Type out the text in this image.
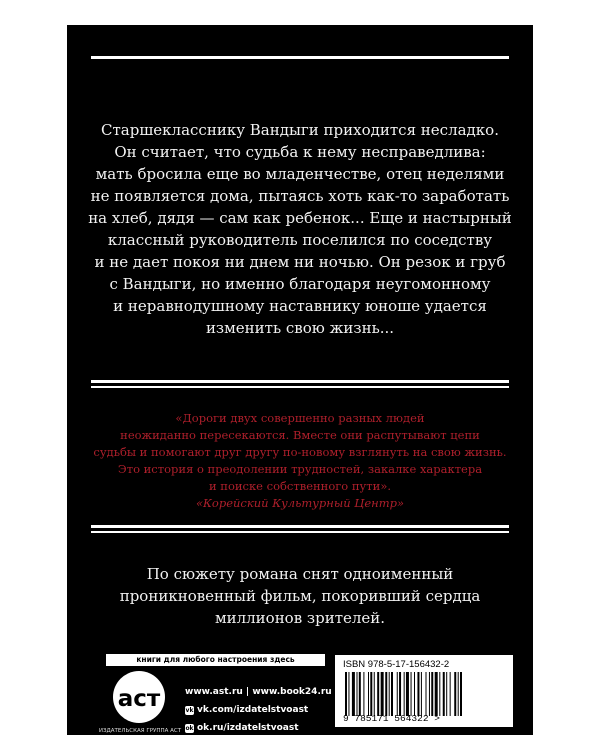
Старшекласснику Вандыги приходится несладко.
Он считает, что судьба к нему несправедлива:
мать бросила еще во младенчестве, отец неделями
не появляется дома, пытаясь хоть как-то заработать
на хлеб, дядя — сам как ребенок... Еще и настырный
классный руководитель поселился по соседству
и не дает покоя ни днем ни ночью. Он резок и груб
с Вандыги, но именно благодаря неугомонному
и неравнодушному наставнику юноше удается
изменить свою жизнь...
«Дороги двух совершенно разных людей
неожиданно пересекаются. Вместе они распутывают цепи
судьбы и помогают друг другу по-новому взглянуть на свою жизнь.
Это история о преодолении трудностей, закалке характера
и поиске собственного пути».
«Корейский Культурный Центр»
По сюжету романа снят одноименный
проникновенный фильм, покоривший сердца
миллионов зрителей.
книги для любого настроения здесь
аст
ИЗДАТЕЛЬСКАЯ ГРУППА АСТ
www.ast.ru | www.book24.ru
vk vk.com/izdatelstvoast
ok ok.ru/izdatelstvoast
ISBN 978-5-17-156432-2
9 785171 564322 >
